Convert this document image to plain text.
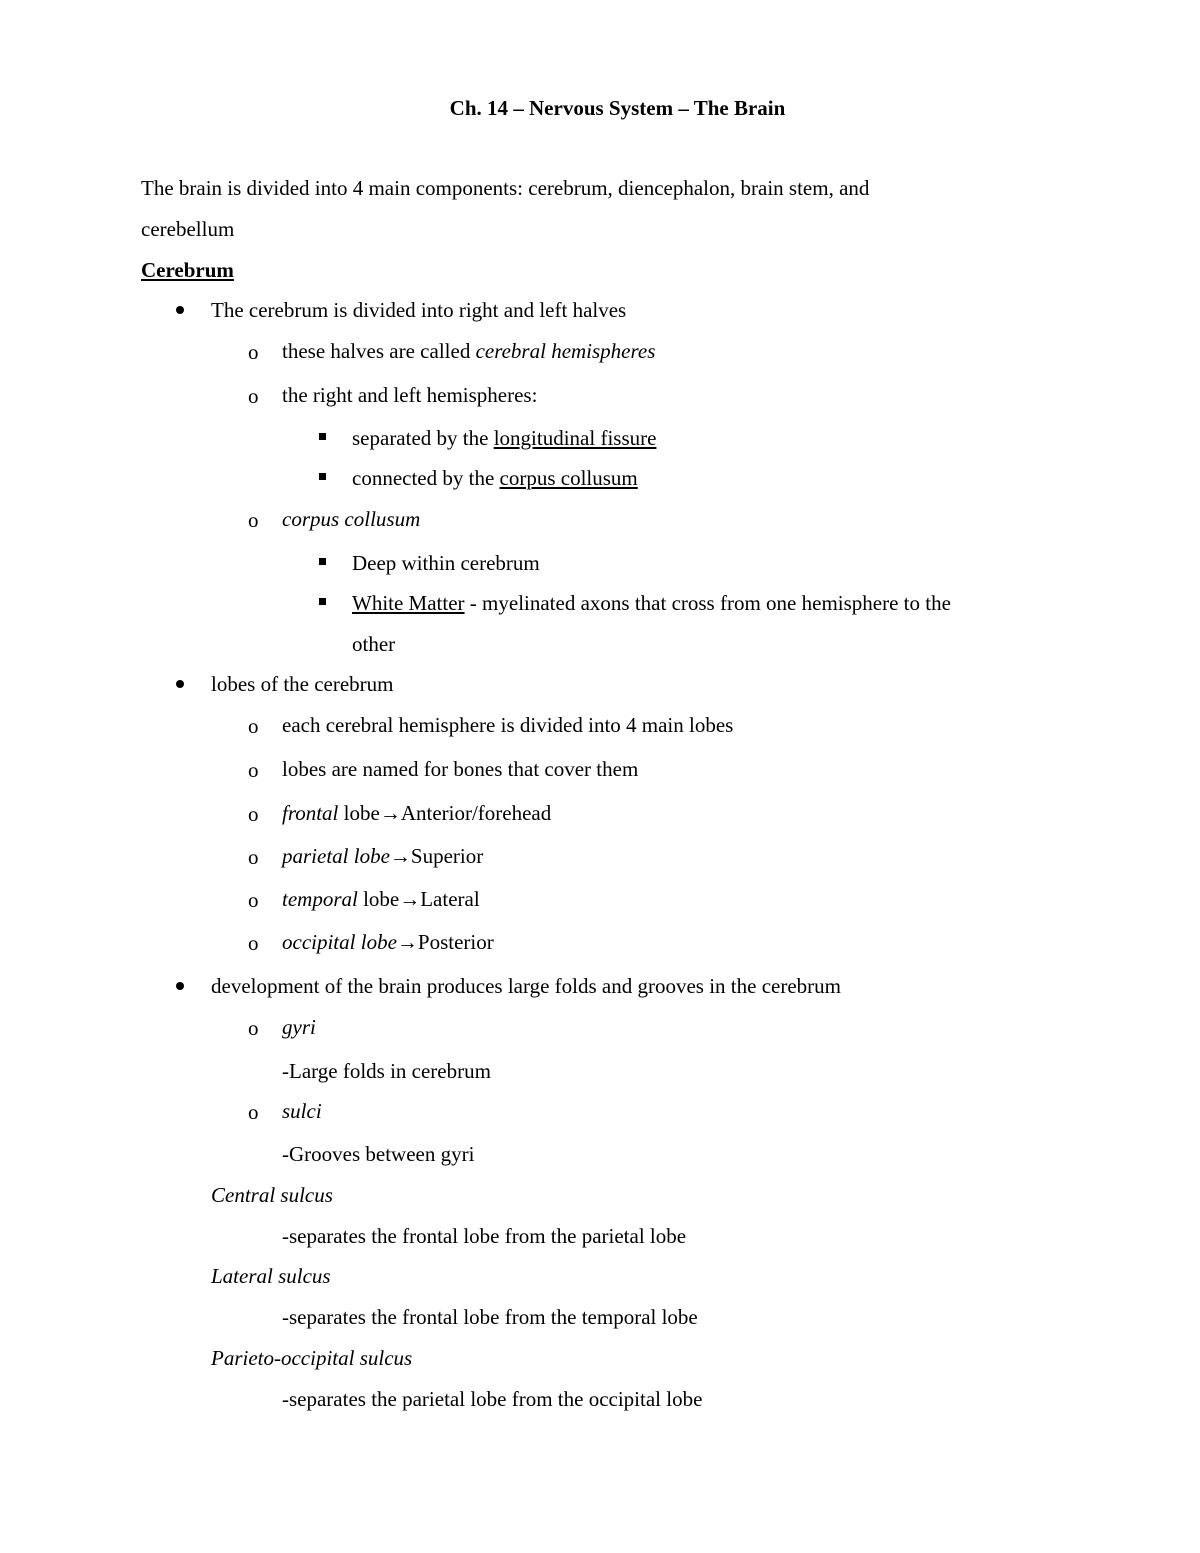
Ch. 14 – Nervous System – The Brain
The brain is divided into 4 main components: cerebrum, diencephalon, brain stem, and
cerebellum
Cerebrum
The cerebrum is divided into right and left halves
o these halves are called cerebral hemispheres
o the right and left hemispheres:
separated by the longitudinal fissure
connected by the corpus collusum
o corpus collusum
Deep within cerebrum
White Matter - myelinated axons that cross from one hemisphere to the
other
lobes of the cerebrum
o each cerebral hemisphere is divided into 4 main lobes
o lobes are named for bones that cover them
o frontal lobe→Anterior/forehead
o parietal lobe→Superior
o temporal lobe→Lateral
o occipital lobe→Posterior
development of the brain produces large folds and grooves in the cerebrum
o gyri
-Large folds in cerebrum
o sulci
-Grooves between gyri
Central sulcus
-separates the frontal lobe from the parietal lobe
Lateral sulcus
-separates the frontal lobe from the temporal lobe
Parieto-occipital sulcus
-separates the parietal lobe from the occipital lobe
